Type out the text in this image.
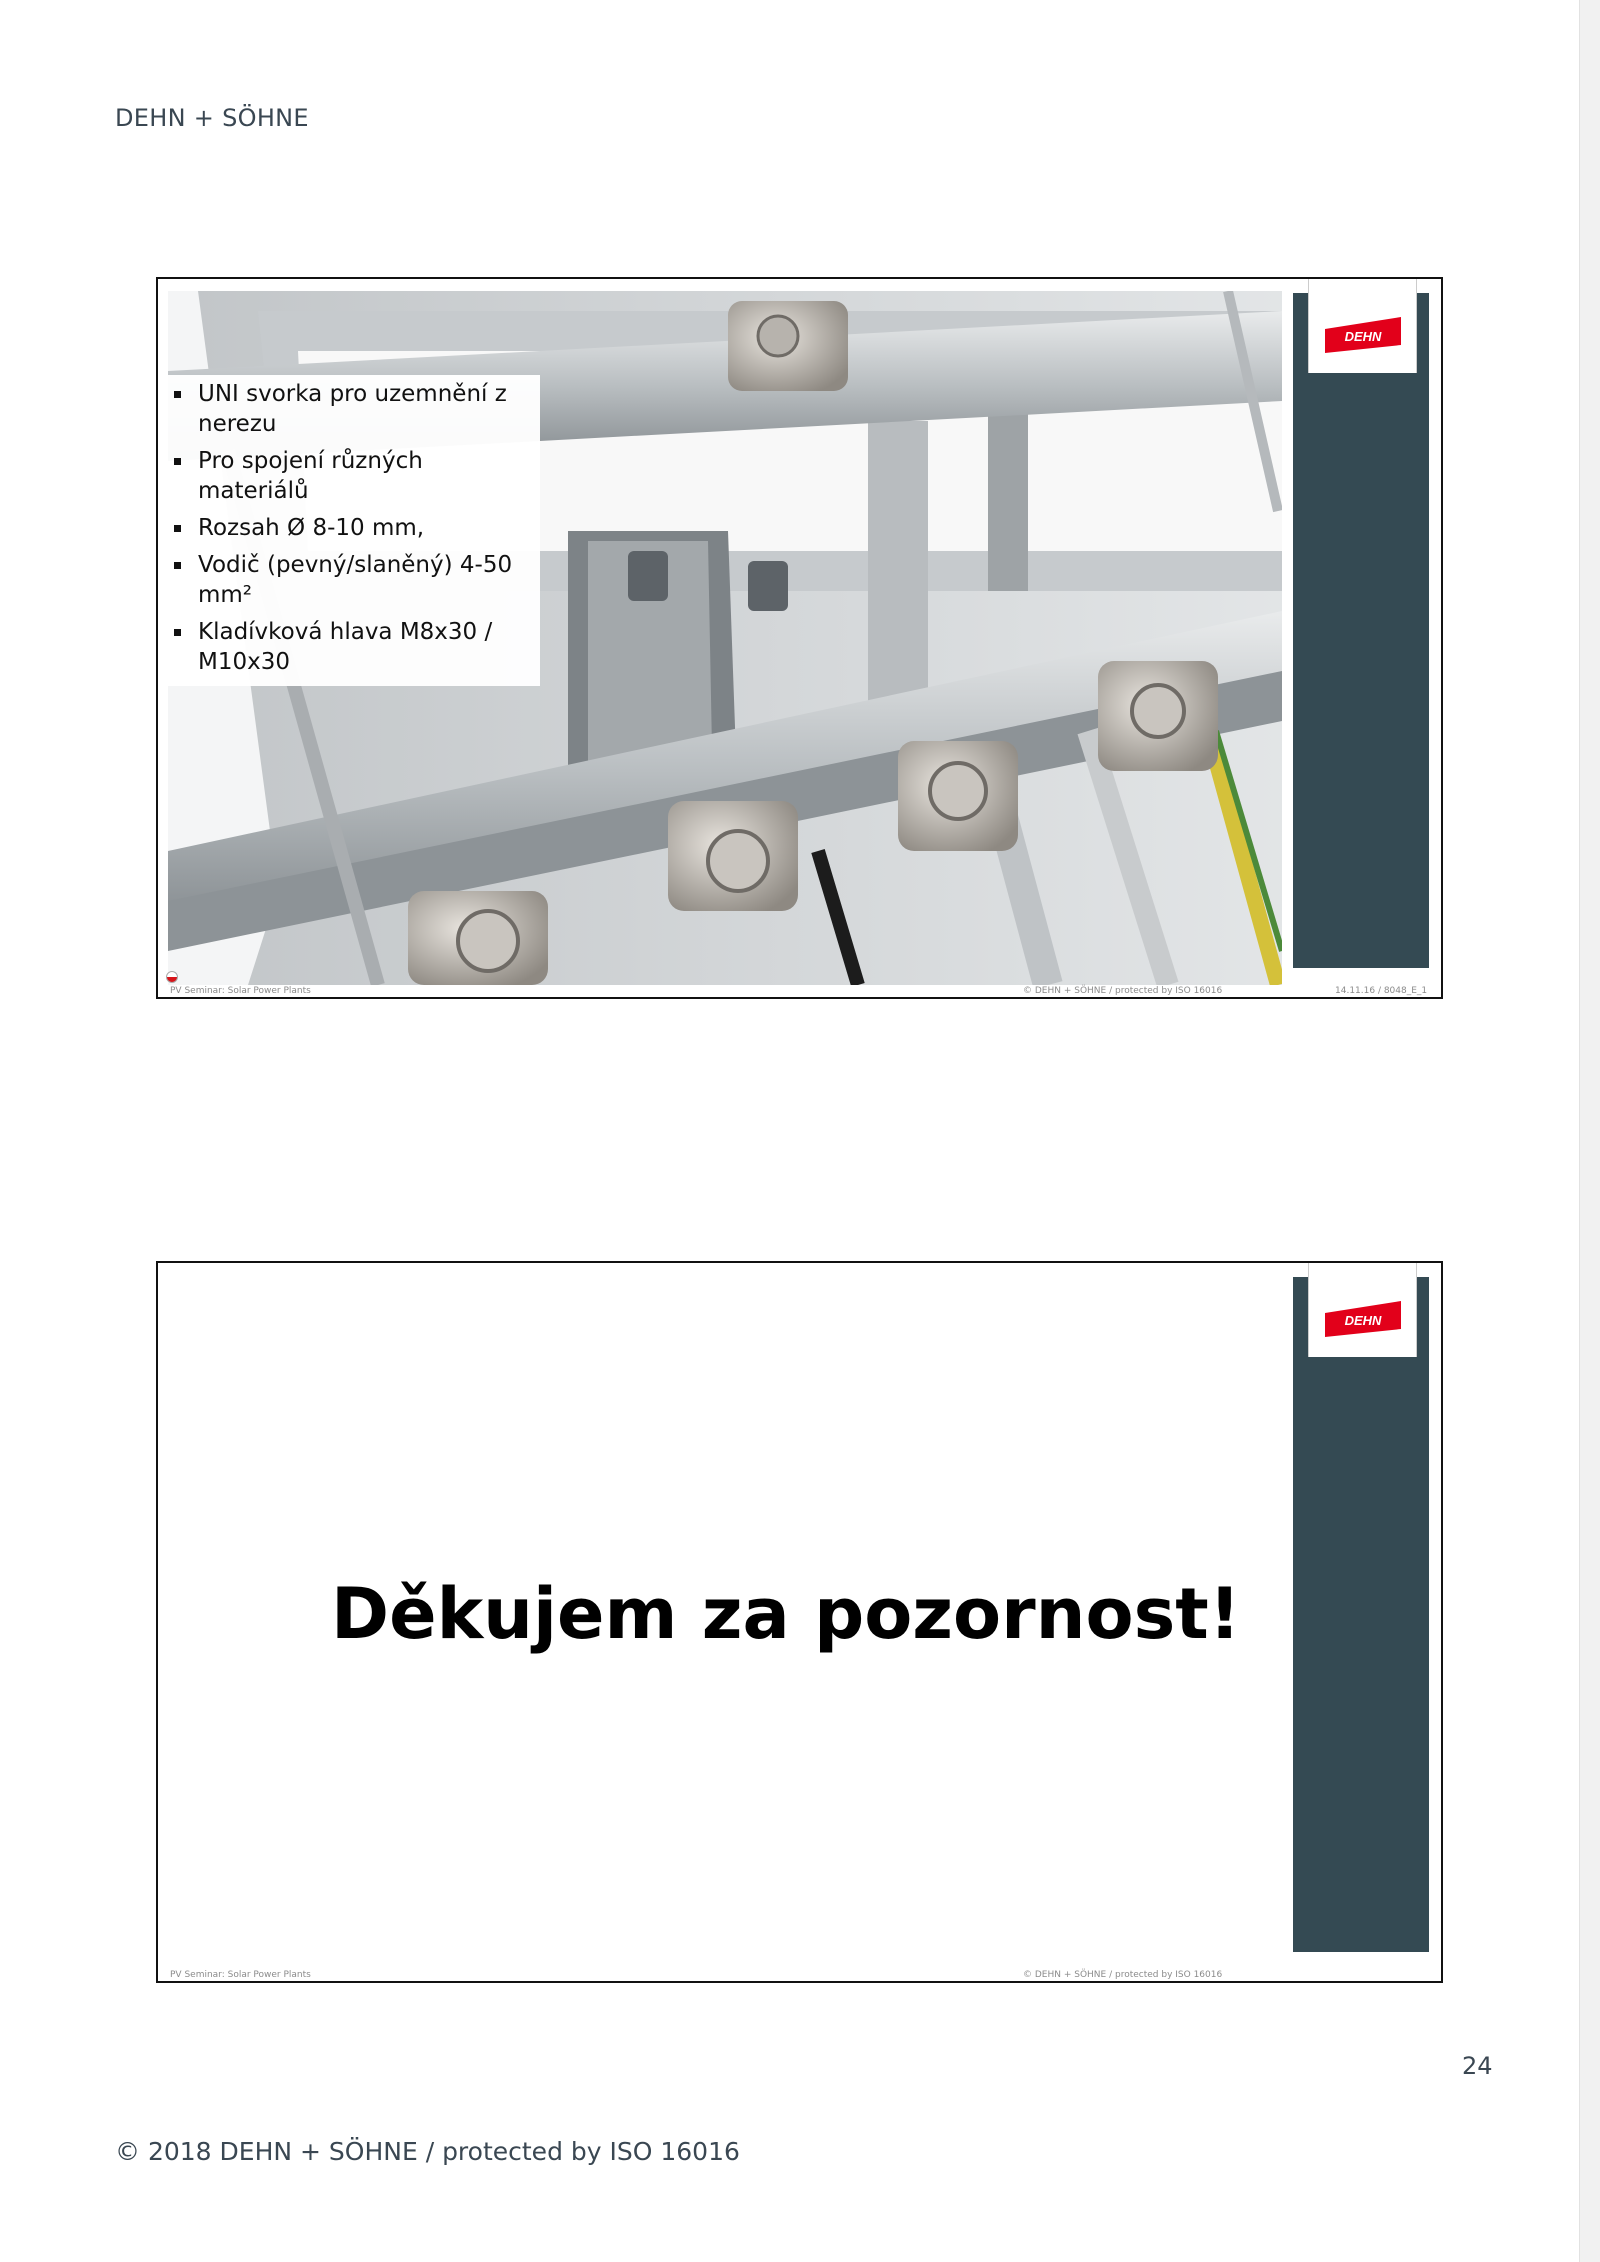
DEHN + SÖHNE
UNI svorka pro uzemnění z nerezu
Pro spojení různých materiálů
Rozsah Ø 8-10 mm,
Vodič (pevný/slaněný) 4-50 mm²
Kladívková hlava M8x30 / M10x30
DEHN
PV Seminar: Solar Power Plants	© DEHN + SÖHNE / protected by ISO 16016	14.11.16 / 8048_E_1
DEHN
Děkujem za pozornost!
PV Seminar: Solar Power Plants	© DEHN + SÖHNE / protected by ISO 16016
24
© 2018 DEHN + SÖHNE / protected by ISO 16016
